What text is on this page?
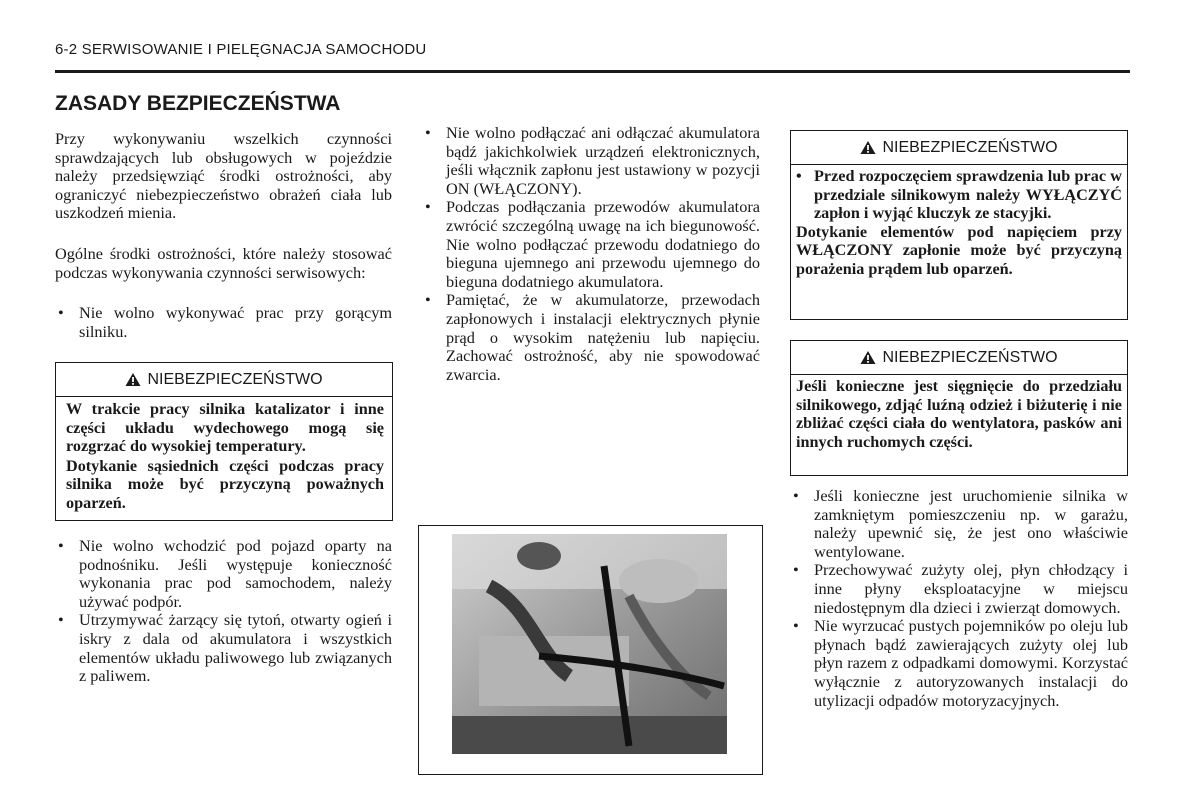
6-2 SERWISOWANIE I PIELĘGNACJA SAMOCHODU
ZASADY BEZPIECZEŃSTWA

Przy wykonywaniu wszelkich czynności sprawdzających lub obsługowych w pojeździe należy przedsięwziąć środki ostrożności, aby ograniczyć niebezpieczeństwo obrażeń ciała lub uszkodzeń mienia.

Ogólne środki ostrożności, które należy stosować podczas wykonywania czynności serwisowych:

• Nie wolno wykonywać prac przy gorącym silniku.
NIEBEZPIECZEŃSTWO

W trakcie pracy silnika katalizator i inne części układu wydechowego mogą się rozgrzać do wysokiej temperatury.

Dotykanie sąsiednich części podczas pracy silnika może być przyczyną poważnych oparzeń.

• Nie wolno wchodzić pod pojazd oparty na podnośniku. Jeśli występuje konieczność wykonania prac pod samochodem, należy używać podpór.
• Utrzymywać żarzący się tytoń, otwarty ogień i iskry z dala od akumulatora i wszystkich elementów układu paliwowego lub związanych z paliwem.
• Nie wolno podłączać ani odłączać akumulatora bądź jakichkolwiek urządzeń elektronicznych, jeśli włącznik zapłonu jest ustawiony w pozycji ON (WŁĄCZONY).
• Podczas podłączania przewodów akumulatora zwrócić szczególną uwagę na ich biegunowość. Nie wolno podłączać przewodu dodatniego do bieguna ujemnego ani przewodu ujemnego do bieguna dodatniego akumulatora.
• Pamiętać, że w akumulatorze, przewodach zapłonowych i instalacji elektrycznych płynie prąd o wysokim natężeniu lub napięciu. Zachować ostrożność, aby nie spowodować zwarcia.
NIEBEZPIECZEŃSTWO
• Przed rozpoczęciem sprawdzenia lub prac w przedziale silnikowym należy WYŁĄCZYĆ zapłon i wyjąć kluczyk ze stacyjki.

Dotykanie elementów pod napięciem przy WŁĄCZONY zapłonie może być przyczyną porażenia prądem lub oparzeń.

NIEBEZPIECZEŃSTWO

Jeśli konieczne jest sięgnięcie do przedziału silnikowego, zdjąć luźną odzież i biżuterię i nie zbliżać części ciała do wentylatora, pasków ani innych ruchomych części.

• Jeśli konieczne jest uruchomienie silnika w zamkniętym pomieszczeniu np. w garażu, należy upewnić się, że jest ono właściwie wentylowane.
• Przechowywać zużyty olej, płyn chłodzący i inne płyny eksploatacyjne w miejscu niedostępnym dla dzieci i zwierząt domowych.
• Nie wyrzucać pustych pojemników po oleju lub płynach bądź zawierających zużyty olej lub płyn razem z odpadkami domowymi. Korzystać wyłącznie z autoryzowanych instalacji do utylizacji odpadów motoryzacyjnych.
